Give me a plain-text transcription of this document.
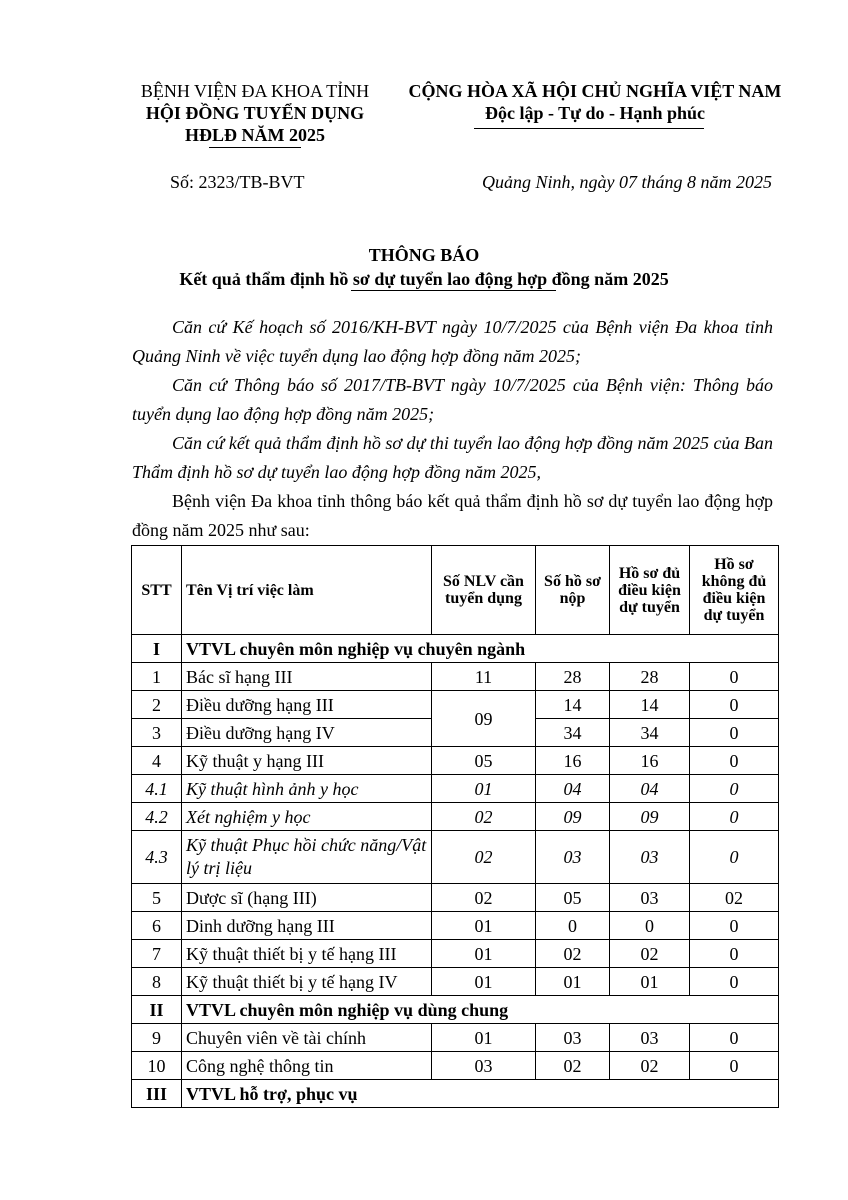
BỆNH VIỆN ĐA KHOA TỈNH
HỘI ĐỒNG TUYỂN DỤNG
HĐLĐ NĂM 2025
CỘNG HÒA XÃ HỘI CHỦ NGHĨA VIỆT NAM
Độc lập - Tự do - Hạnh phúc
Số: 2323/TB-BVT	Quảng Ninh, ngày 07 tháng 8 năm 2025
THÔNG BÁO
Kết quả thẩm định hồ sơ dự tuyển lao động hợp đồng năm 2025
Căn cứ Kế hoạch số 2016/KH-BVT ngày 10/7/2025 của Bệnh viện Đa khoa tỉnh Quảng Ninh về việc tuyển dụng lao động hợp đồng năm 2025;
Căn cứ Thông báo số 2017/TB-BVT ngày 10/7/2025 của Bệnh viện: Thông báo tuyển dụng lao động hợp đồng năm 2025;
Căn cứ kết quả thẩm định hồ sơ dự thi tuyển lao động hợp đồng năm 2025 của Ban Thẩm định hồ sơ dự tuyển lao động hợp đồng năm 2025,
Bệnh viện Đa khoa tỉnh thông báo kết quả thẩm định hồ sơ dự tuyển lao động hợp đồng năm 2025 như sau:
STT	Tên Vị trí việc làm	Số NLV cần tuyển dụng	Số hồ sơ nộp	Hồ sơ đủ điều kiện dự tuyển	Hồ sơ không đủ điều kiện dự tuyển
I	VTVL chuyên môn nghiệp vụ chuyên ngành				
1	Bác sĩ hạng III	11	28	28	0
2	Điều dưỡng hạng III	09	14	14	0
3	Điều dưỡng hạng IV		34	34	0
4	Kỹ thuật y hạng III	05	16	16	0
4.1	Kỹ thuật hình ảnh y học	01	04	04	0
4.2	Xét nghiệm y học	02	09	09	0
4.3	Kỹ thuật Phục hồi chức năng/Vật lý trị liệu	02	03	03	0
5	Dược sĩ (hạng III)	02	05	03	02
6	Dinh dưỡng hạng III	01	0	0	0
7	Kỹ thuật thiết bị y tế hạng III	01	02	02	0
8	Kỹ thuật thiết bị y tế hạng IV	01	01	01	0
II	VTVL chuyên môn nghiệp vụ dùng chung				
9	Chuyên viên về tài chính	01	03	03	0
10	Công nghệ thông tin	03	02	02	0
III	VTVL hỗ trợ, phục vụ				
